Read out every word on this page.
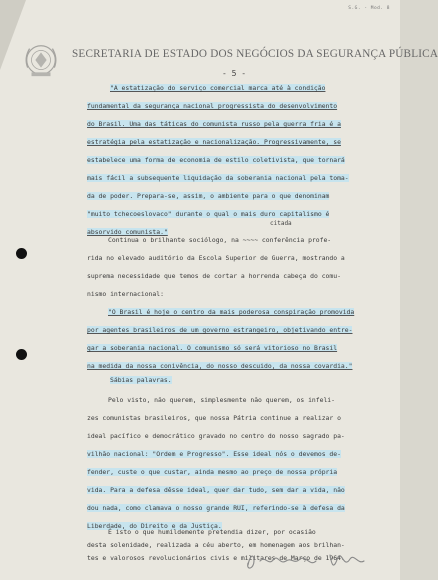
S.G. - Mod. 8
SECRETARIA DE ESTADO DOS NEGÓCIOS DA SEGURANÇA PÚBLICA
- 5 -
"A estatização do serviço comercial marca até à condição
fundamental da segurança nacional progressista do desenvolvimento
do Brasil. Uma das táticas do comunista russo pela guerra fria é a
estratégia pela estatização e nacionalização. Progressivamente, se
estabelece uma forma de economia de estilo coletivista, que tornará
mais fácil a subsequente liquidação da soberania nacional pela toma-
da de poder. Prepara-se, assim, o ambiente para o que denominam
"muito tchecoeslovaco" durante o qual o mais duro capitalismo é
absorvido comunista."
citada
Continua o brilhante sociólogo, na ~~~~ conferência profe-
rida no elevado auditório da Escola Superior de Guerra, mostrando a
suprema necessidade que temos de cortar a horrenda cabeça do comu-
nismo internacional:
"O Brasil é hoje o centro da mais poderosa conspiração promovida
por agentes brasileiros de um governo estrangeiro, objetivando entre-
gar a soberania nacional. O comunismo só será vitorioso no Brasil
na medida da nossa conivência, do nosso descuido, da nossa covardia."
Sábias palavras.
Pelo visto, não querem, simplesmente não querem, os infeli-
zes comunistas brasileiros, que nossa Pátria continue a realizar o
ideal pacífico e democrático gravado no centro do nosso sagrado pa-
vilhão nacional: "Ordem e Progresso". Esse ideal nós o devemos de-
fender, custe o que custar, ainda mesmo ao preço de nossa própria
vida. Para a defesa dêsse ideal, quer dar tudo, sem dar a vida, não
dou nada, como clamava o nosso grande RUI, referindo-se à defesa da
Liberdade, do Direito e da Justiça.
É isto o que humildemente pretendia dizer, por ocasião
desta solenidade, realizada a céu aberto, em homenagem aos brilhan-
tes e valorosos revolucionários civis e militares de Março de 1964.
